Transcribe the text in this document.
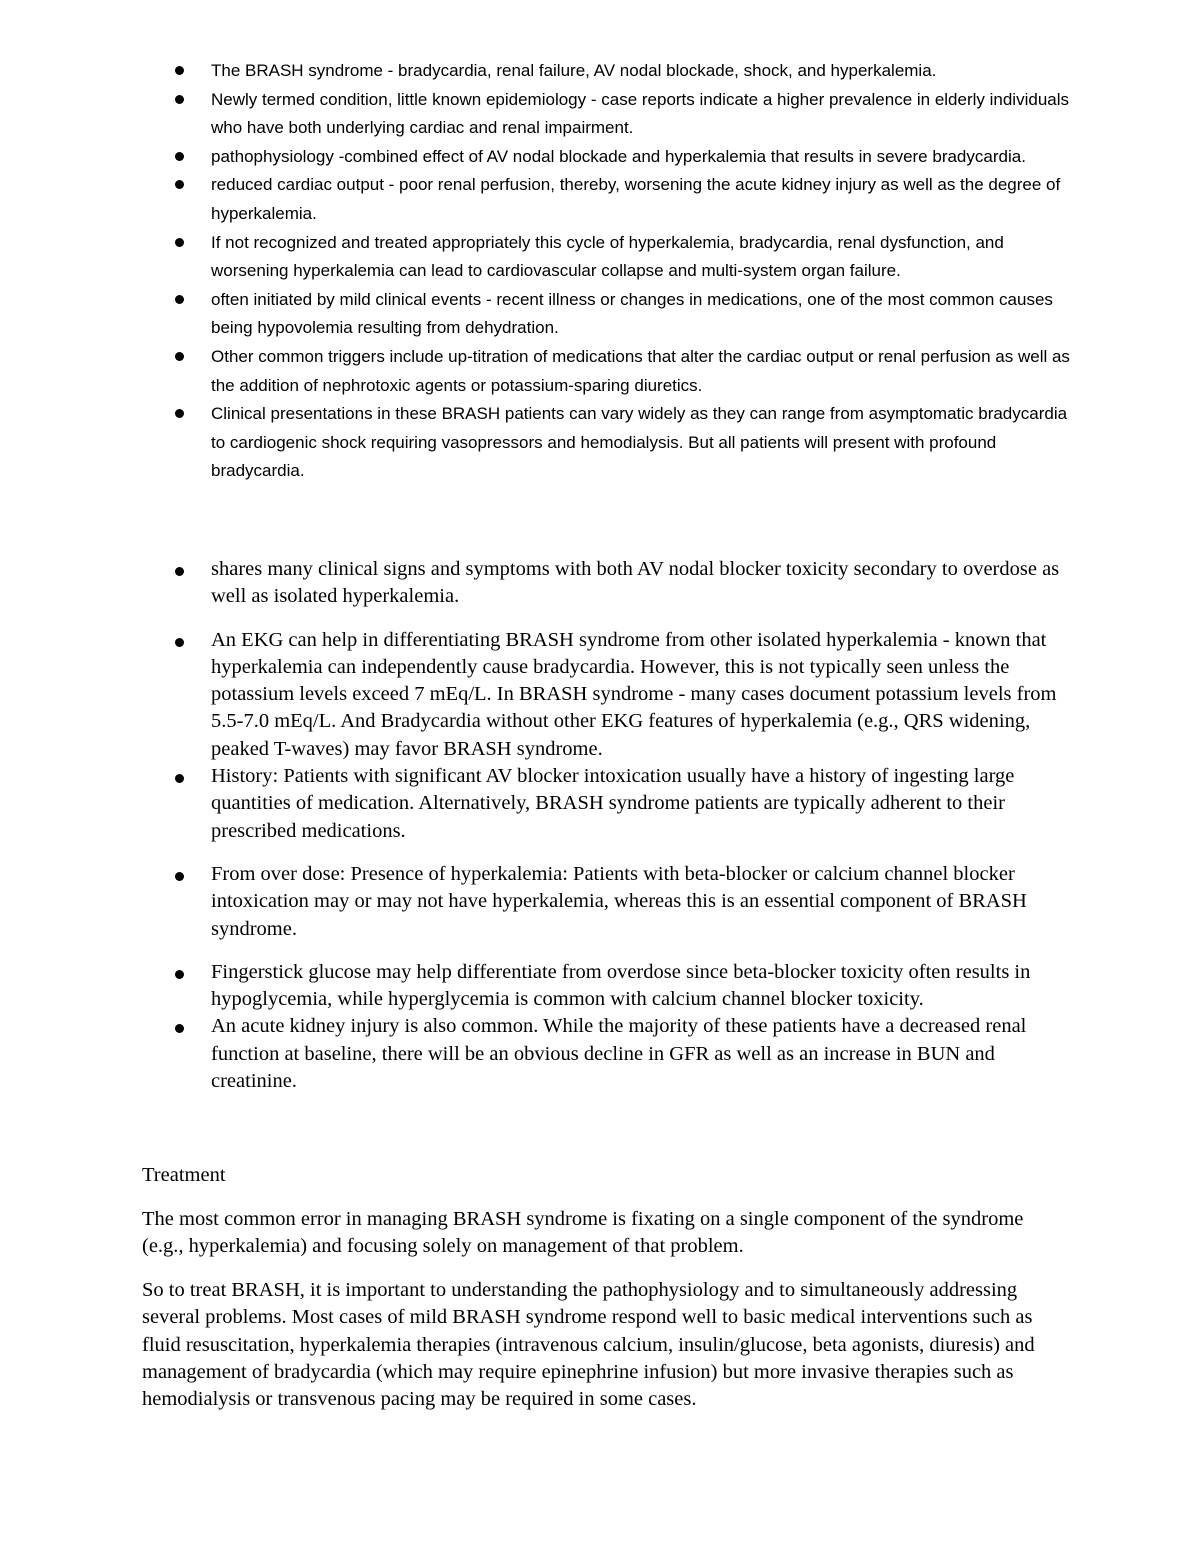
The BRASH syndrome - bradycardia, renal failure, AV nodal blockade, shock, and hyperkalemia.
Newly termed condition, little known epidemiology - case reports indicate a higher prevalence in elderly individuals who have both underlying cardiac and renal impairment.
pathophysiology -combined effect of AV nodal blockade and hyperkalemia that results in severe bradycardia.
reduced cardiac output - poor renal perfusion, thereby, worsening the acute kidney injury as well as the degree of hyperkalemia.
If not recognized and treated appropriately this cycle of hyperkalemia, bradycardia, renal dysfunction, and worsening hyperkalemia can lead to cardiovascular collapse and multi-system organ failure.
often initiated by mild clinical events - recent illness or changes in medications, one of the most common causes being hypovolemia resulting from dehydration.
Other common triggers include up-titration of medications that alter the cardiac output or renal perfusion as well as the addition of nephrotoxic agents or potassium-sparing diuretics.
Clinical presentations in these BRASH patients can vary widely as they can range from asymptomatic bradycardia to cardiogenic shock requiring vasopressors and hemodialysis. But all patients will present with profound bradycardia.
shares many clinical signs and symptoms with both AV nodal blocker toxicity secondary to overdose as well as isolated hyperkalemia.
An EKG can help in differentiating BRASH syndrome from other isolated hyperkalemia - known that hyperkalemia can independently cause bradycardia. However, this is not typically seen unless the potassium levels exceed 7 mEq/L. In BRASH syndrome - many cases document potassium levels from 5.5-7.0 mEq/L. And Bradycardia without other EKG features of hyperkalemia (e.g., QRS widening, peaked T-waves) may favor BRASH syndrome.
History: Patients with significant AV blocker intoxication usually have a history of ingesting large quantities of medication. Alternatively, BRASH syndrome patients are typically adherent to their prescribed medications.
From over dose: Presence of hyperkalemia: Patients with beta-blocker or calcium channel blocker intoxication may or may not have hyperkalemia, whereas this is an essential component of BRASH syndrome.
Fingerstick glucose may help differentiate from overdose since beta-blocker toxicity often results in hypoglycemia, while hyperglycemia is common with calcium channel blocker toxicity.
An acute kidney injury is also common. While the majority of these patients have a decreased renal function at baseline, there will be an obvious decline in GFR as well as an increase in BUN and creatinine.
Treatment
The most common error in managing BRASH syndrome is fixating on a single component of the syndrome (e.g., hyperkalemia) and focusing solely on management of that problem.
So to treat BRASH, it is important to understanding the pathophysiology and to simultaneously addressing several problems. Most cases of mild BRASH syndrome respond well to basic medical interventions such as fluid resuscitation, hyperkalemia therapies (intravenous calcium, insulin/glucose, beta agonists, diuresis) and management of bradycardia (which may require epinephrine infusion) but more invasive therapies such as hemodialysis or transvenous pacing may be required in some cases.
